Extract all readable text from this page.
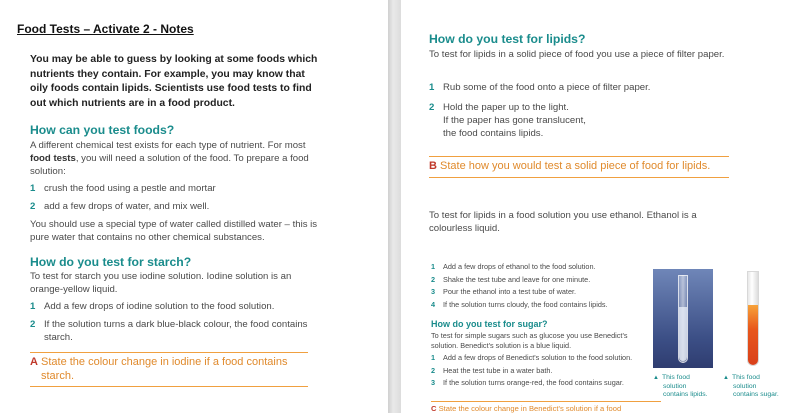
Food Tests – Activate 2 - Notes
You may be able to guess by looking at some foods which nutrients they contain. For example, you may know that oily foods contain lipids. Scientists use food tests to find out which nutrients are in a food product.
How can you test foods?
A different chemical test exists for each type of nutrient. For most food tests, you will need a solution of the food. To prepare a food solution:
1 crush the food using a pestle and mortar
2 add a few drops of water, and mix well.
You should use a special type of water called distilled water – this is pure water that contains no other chemical substances.
How do you test for starch?
To test for starch you use iodine solution. Iodine solution is an orange-yellow liquid.
1 Add a few drops of iodine solution to the food solution.
2 If the solution turns a dark blue-black colour, the food contains starch.
A State the colour change in iodine if a food contains starch.
How do you test for lipids?
To test for lipids in a solid piece of food you use a piece of filter paper.
1 Rub some of the food onto a piece of filter paper.
2 Hold the paper up to the light.
If the paper has gone translucent,
the food contains lipids.
B State how you would test a solid piece of food for lipids.
To test for lipids in a food solution you use ethanol. Ethanol is a colourless liquid.
1 Add a few drops of ethanol to the food solution.
2 Shake the test tube and leave for one minute.
3 Pour the ethanol into a test tube of water.
4 If the solution turns cloudy, the food contains lipids.
How do you test for sugar?
To test for simple sugars such as glucose you use Benedict's solution. Benedict's solution is a blue liquid.
1 Add a few drops of Benedict's solution to the food solution.
2 Heat the test tube in a water bath.
3 If the solution turns orange-red, the food contains sugar.
C State the colour change in Benedict's solution if a food
▲ This food
solution
contains lipids.
▲ This food
solution
contains sugar.
